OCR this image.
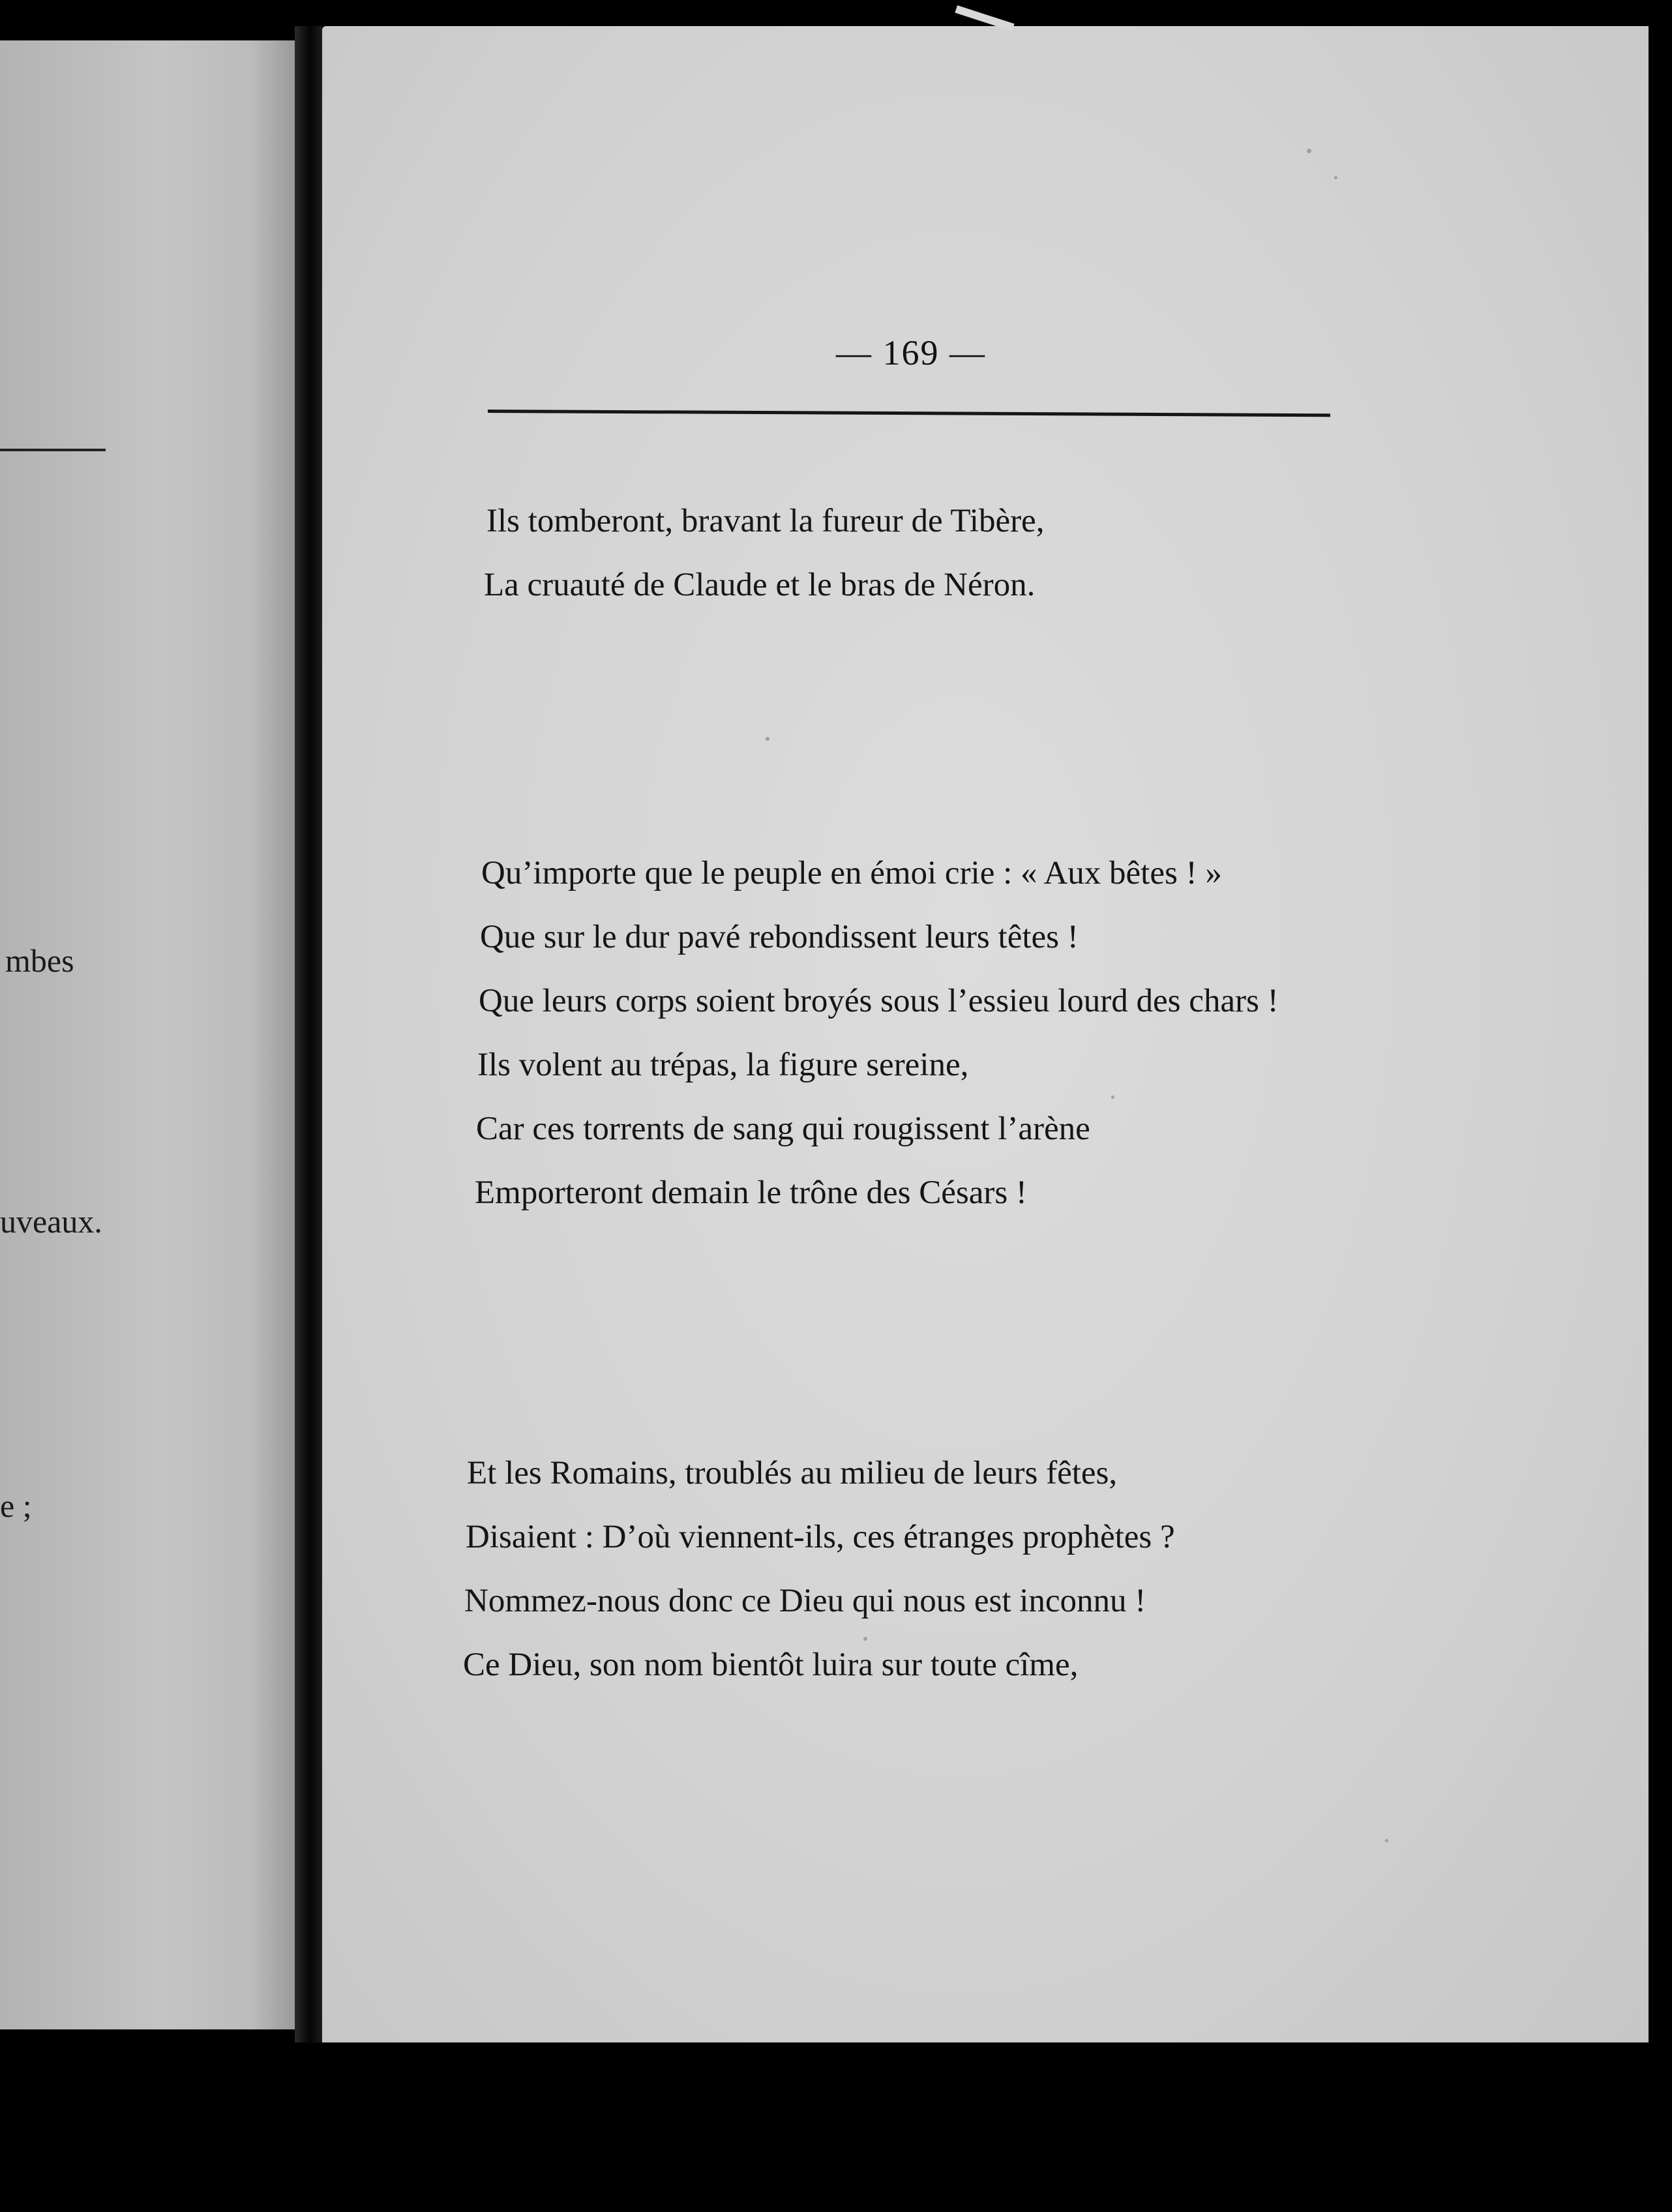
mbes
uveaux.
e ;
— 169 —
Ils tomberont, bravant la fureur de Tibère,
La cruauté de Claude et le bras de Néron.
Qu’importe que le peuple en émoi crie : « Aux bêtes ! »
Que sur le dur pavé rebondissent leurs têtes !
Que leurs corps soient broyés sous l’essieu lourd des chars !
Ils volent au trépas, la figure sereine,
Car ces torrents de sang qui rougissent l’arène
Emporteront demain le trône des Césars !
Et les Romains, troublés au milieu de leurs fêtes,
Disaient : D’où viennent-ils, ces étranges prophètes ?
Nommez-nous donc ce Dieu qui nous est inconnu !
Ce Dieu, son nom bientôt luira sur toute cîme,
